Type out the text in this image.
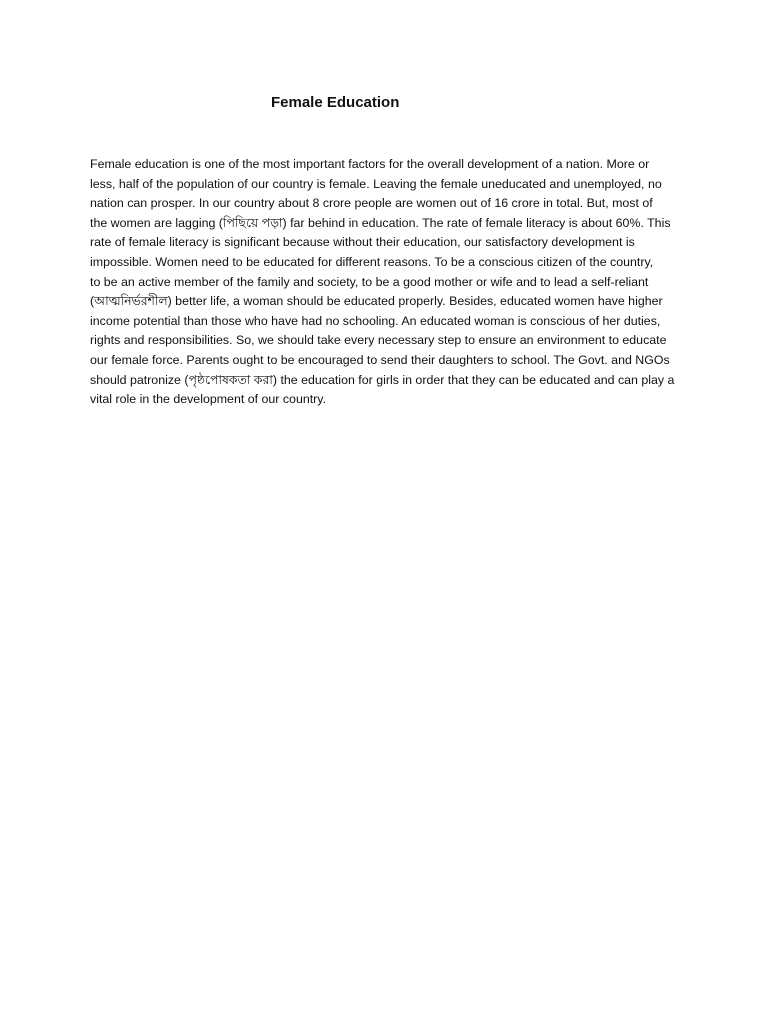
Female Education

Female education is one of the most important factors for the overall development of a nation. More or
less, half of the population of our country is female. Leaving the female uneducated and unemployed, no
nation can prosper. In our country about 8 crore people are women out of 16 crore in total. But, most of
the women are lagging (পিছিয়ে পড়া) far behind in education. The rate of female literacy is about 60%. This
rate of female literacy is significant because without their education, our satisfactory development is
impossible. Women need to be educated for different reasons. To be a conscious citizen of the country,
to be an active member of the family and society, to be a good mother or wife and to lead a self-reliant
(আত্মনির্ভরশীল) better life, a woman should be educated properly. Besides, educated women have higher
income potential than those who have had no schooling. An educated woman is conscious of her duties,
rights and responsibilities. So, we should take every necessary step to ensure an environment to educate
our female force. Parents ought to be encouraged to send their daughters to school. The Govt. and NGOs
should patronize (পৃষ্ঠপোষকতা করা) the education for girls in order that they can be educated and can play a
vital role in the development of our country.
